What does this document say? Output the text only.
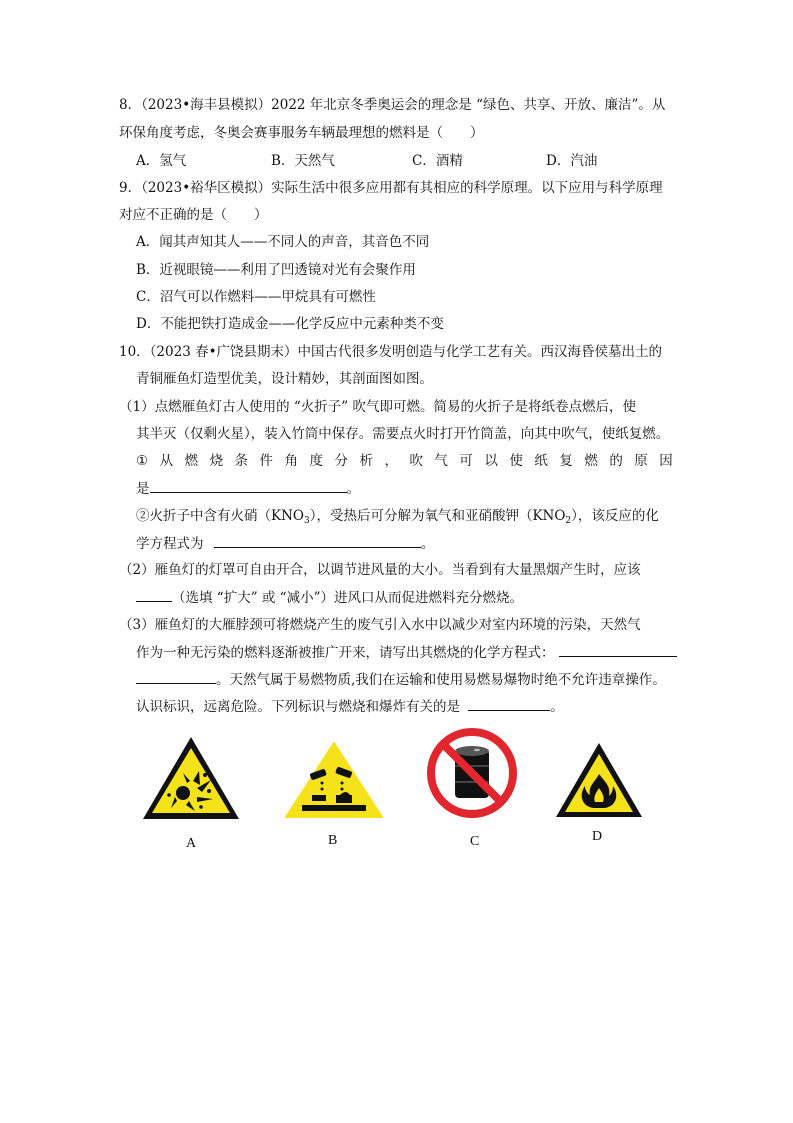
8．（2023•海丰县模拟）2022 年北京冬季奥运会的理念是 “绿色、共享、开放、廉洁”。从
环保角度考虑，冬奥会赛事服务车辆最理想的燃料是（　　）
A．氢气	B．天然气	C．酒精	D．汽油
9．（2023•裕华区模拟）实际生活中很多应用都有其相应的科学原理。以下应用与科学原理
对应不正确的是（　　）
A．闻其声知其人——不同人的声音，其音色不同
B．近视眼镜——利用了凹透镜对光有会聚作用
C．沼气可以作燃料——甲烷具有可燃性
D．不能把铁打造成金——化学反应中元素种类不变
10．（2023 春•广饶县期末）中国古代很多发明创造与化学工艺有关。西汉海昏侯墓出土的
青铜雁鱼灯造型优美，设计精妙，其剖面图如图。
（1）点燃雁鱼灯古人使用的 “火折子” 吹气即可燃。简易的火折子是将纸卷点燃后，使
其半灭（仅剩火星），装入竹筒中保存。需要点火时打开竹筒盖，向其中吹气，使纸复燃。
① 从 燃 烧 条 件 角 度 分 析 ， 吹 气 可 以 使 纸 复 燃 的 原 因
是	。
②火折子中含有火硝$(KNO_3)$，受热后可分解为氧气和亚硝酸钾$(KNO_2)$，该反应的化
学方程式为	。
（2）雁鱼灯的灯罩可自由开合，以调节进风量的大小。当看到有大量黑烟产生时，应该
（选填 “扩大” 或 “减小”）进风口从而促进燃料充分燃烧。
（3）雁鱼灯的大雁脖颈可将燃烧产生的废气引入水中以减少对室内环境的污染，天然气
作为一种无污染的燃料逐渐被推广开来，请写出其燃烧的化学方程式：
。天然气属于易燃物质,我们在运输和使用易燃易爆物时绝不允许违章操作。
认识标识，远离危险。下列标识与燃烧和爆炸有关的是	。
A	B	C	D
